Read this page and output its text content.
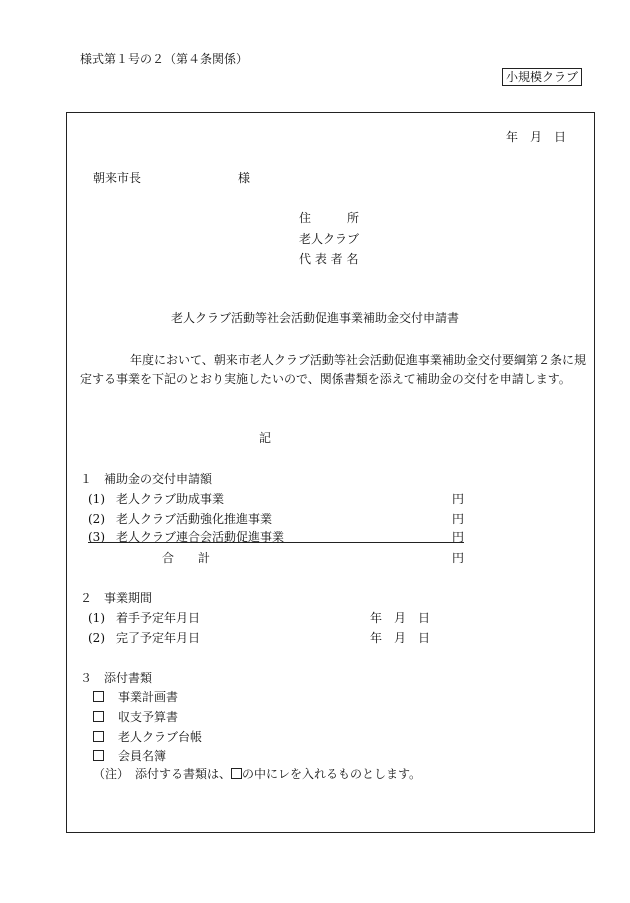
様式第１号の２（第４条関係）
小規模クラブ
年　月　日
朝来市長	様
住　　　所
老人クラブ
代 表 者 名
老人クラブ活動等社会活動促進事業補助金交付申請書
年度において、朝来市老人クラブ活動等社会活動促進事業補助金交付要綱第２条に規定する事業を下記のとおり実施したいので、関係書類を添えて補助金の交付を申請します。
記
１　補助金の交付申請額
(1) 老人クラブ助成事業	円
(2) 老人クラブ活動強化推進事業	円
(3) 老人クラブ連合会活動促進事業	円
合　　計	円
２　事業期間
(1) 着手予定年月日	年　月　日
(2) 完了予定年月日	年　月　日
３　添付書類
事業計画書
収支予算書
老人クラブ台帳
会員名簿
（注）　添付する書類は、 の中にレを入れるものとします。
